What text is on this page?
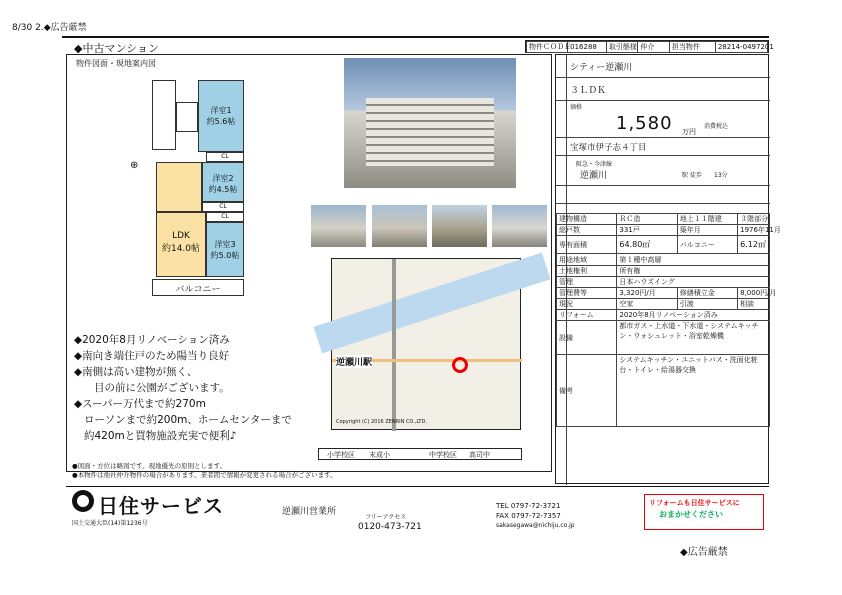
8/30 2.◆広告厳禁
◆中古マンション	物件ＣＯＤＥ	016288	取引態様	仲介	担当物件	28214-0497201
物件図面・現地案内図
⊕
洋室1
約5.6帖
CL
洋室2
約4.5帖
CL
LDK
約14.0帖
CL
洋室3
約5.0帖
バルコニー
逆瀬川駅
Copyright (C) 2016 ZENRIN CO.,LTD.
◆2020年8月リノベーション済み
◆南向き端住戸のため陽当り良好
◆南側は高い建物が無く、
目の前に公園がございます。
◆スーパー万代まで約270m
ローソンまで約200m、ホームセンターまで
約420mと買物施設充実で便利♪
小学校区 末成小	中学校区 高司中
●図面・方位は略図です。現地優先の原則とします。
●本物件は他社仲介物件の場合があります。業者間で情報が変更される場合がございます。
シティー逆瀬川
３ＬＤＫ
価格
1,580 万円
消費税込
宝塚市伊子志４丁目
阪急・今津線
逆瀬川	駅 徒歩 13分
建物構造	ＲＣ造	地上１１階建	３階部分
総戸数	331戸	築年月	1976年11月
専有面積	64.80㎡	バルコニー	6.12㎡
用途地域	第１種中高層		
土地権利	所有権		
管理	日本ハウズイング		
管理費等	3,320円/月	修繕積立金	8,000円/月
現況	空家	引渡	相談
リフォーム	2020年8月リノベーション済み		
設備	都市ガス・上水道・下水道・システムキッチン・ウォシュレット・浴室乾燥機		
備考	システムキッチン・ユニットバス・洗面化粧台・トイレ・給湯器交換		
日住サービス	逆瀬川営業所
フリーアクセス
0120-473-721
TEL 0797-72-3721
FAX 0797-72-7357
sakasegawa@nichiju.co.jp
国土交通大臣(14)第1236号
リフォームも日住サービスに
おまかせください
◆広告厳禁
